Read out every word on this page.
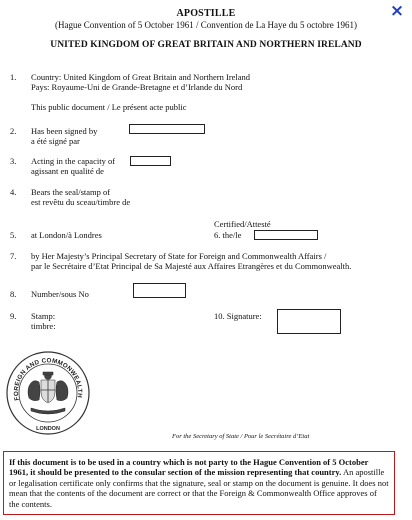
×
APOSTILLE
(Hague Convention of 5 October 1961 / Convention de La Haye du 5 octobre 1961)
UNITED KINGDOM OF GREAT BRITAIN AND NORTHERN IRELAND
1. Country: United Kingdom of Great Britain and Northern Ireland
Pays: Royaume-Uni de Grande-Bretagne et d’Irlande du Nord
This public document / Le présent acte public
2. Has been signed by
a été signé par
3. Acting in the capacity of
agissant en qualité de
4. Bears the seal/stamp of
est revêtu du sceau/timbre de
Certified/Attesté
5. at London/à Londres	6. the/le
7. by Her Majesty’s Principal Secretary of State for Foreign and Commonwealth Affairs /
par le Secrétaire d’Etat Principal de Sa Majesté aux Affaires Etrangères et du Commonwealth.
8. Number/sous No
9. Stamp:
timbre:
10. Signature:
FOREIGN AND COMMONWEALTH
LONDON
For the Secretary of State / Pour le Secrétaire d’Etat
If this document is to be used in a country which is not party to the Hague Convention of 5 October 1961, it should be presented to the consular section of the mission representing that country. An apostille or legalisation certificate only confirms that the signature, seal or stamp on the document is genuine. It does not mean that the contents of the document are correct or that the Foreign & Commonwealth Office approves of the contents.
